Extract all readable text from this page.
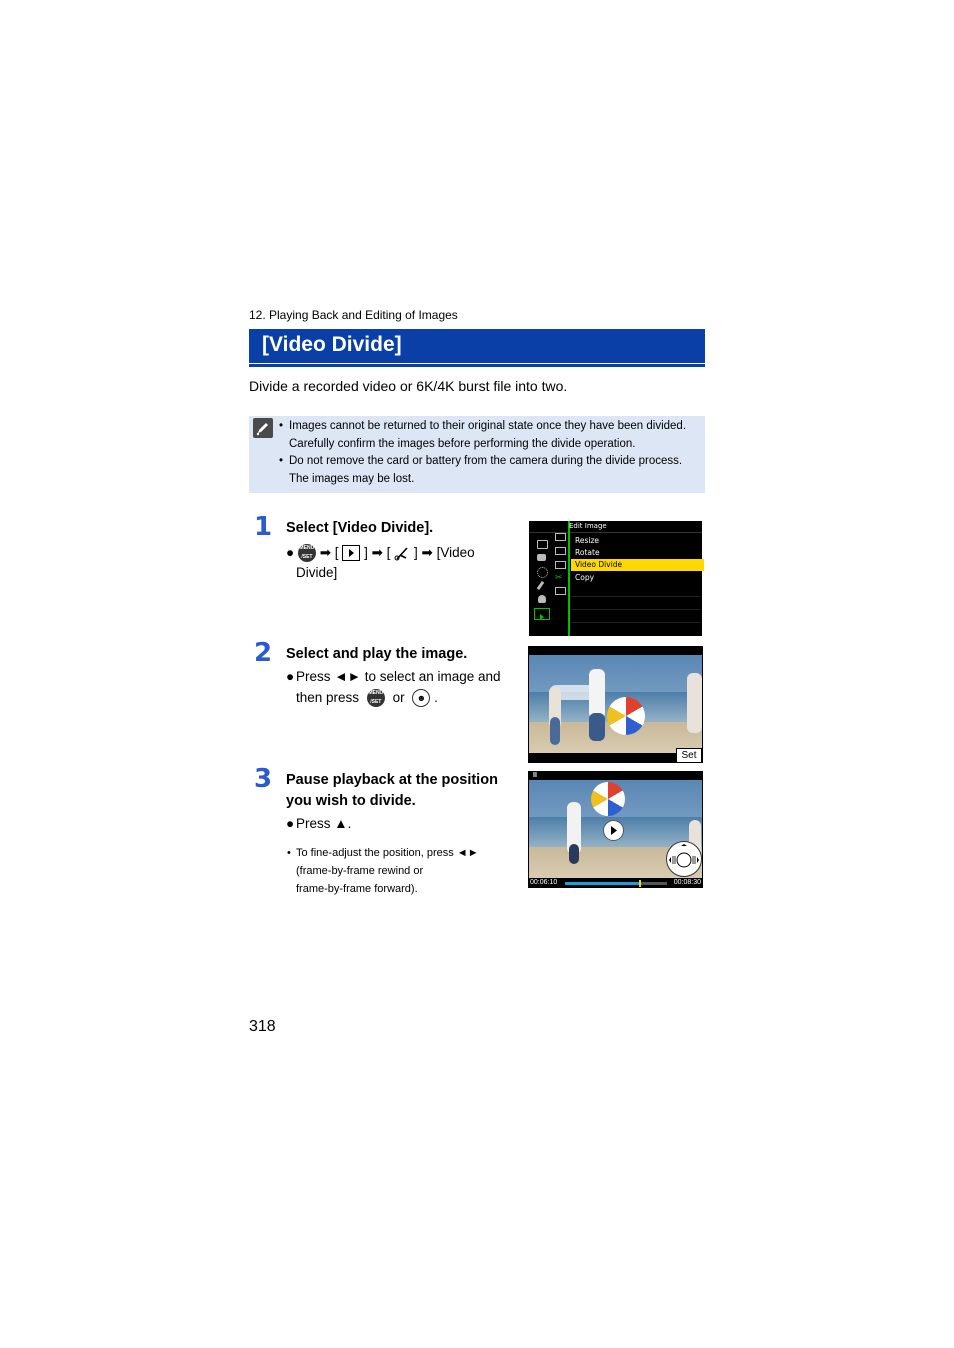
12. Playing Back and Editing of Images
[Video Divide]
Divide a recorded video or 6K/4K burst file into two.
• Images cannot be returned to their original state once they have been divided.
Carefully confirm the images before performing the divide operation.
• Do not remove the card or battery from the camera during the divide process.
The images may be lost.
1 Select [Video Divide].
● MENU
/SET ➡ [ ] ➡ [ ] ➡ [Video
Divide]
Edit Image
Resize
Rotate
Video Divide
Copy
✂
2 Select and play the image.
● Press ◄► to select an image and
then press MENU
/SET or ☻ .
Set
3 Pause playback at the position
you wish to divide.
● Press ▲.
• To fine-adjust the position, press ◄►
(frame-by-frame rewind or
frame-by-frame forward).
II
00:06:10	00:08:30
318
